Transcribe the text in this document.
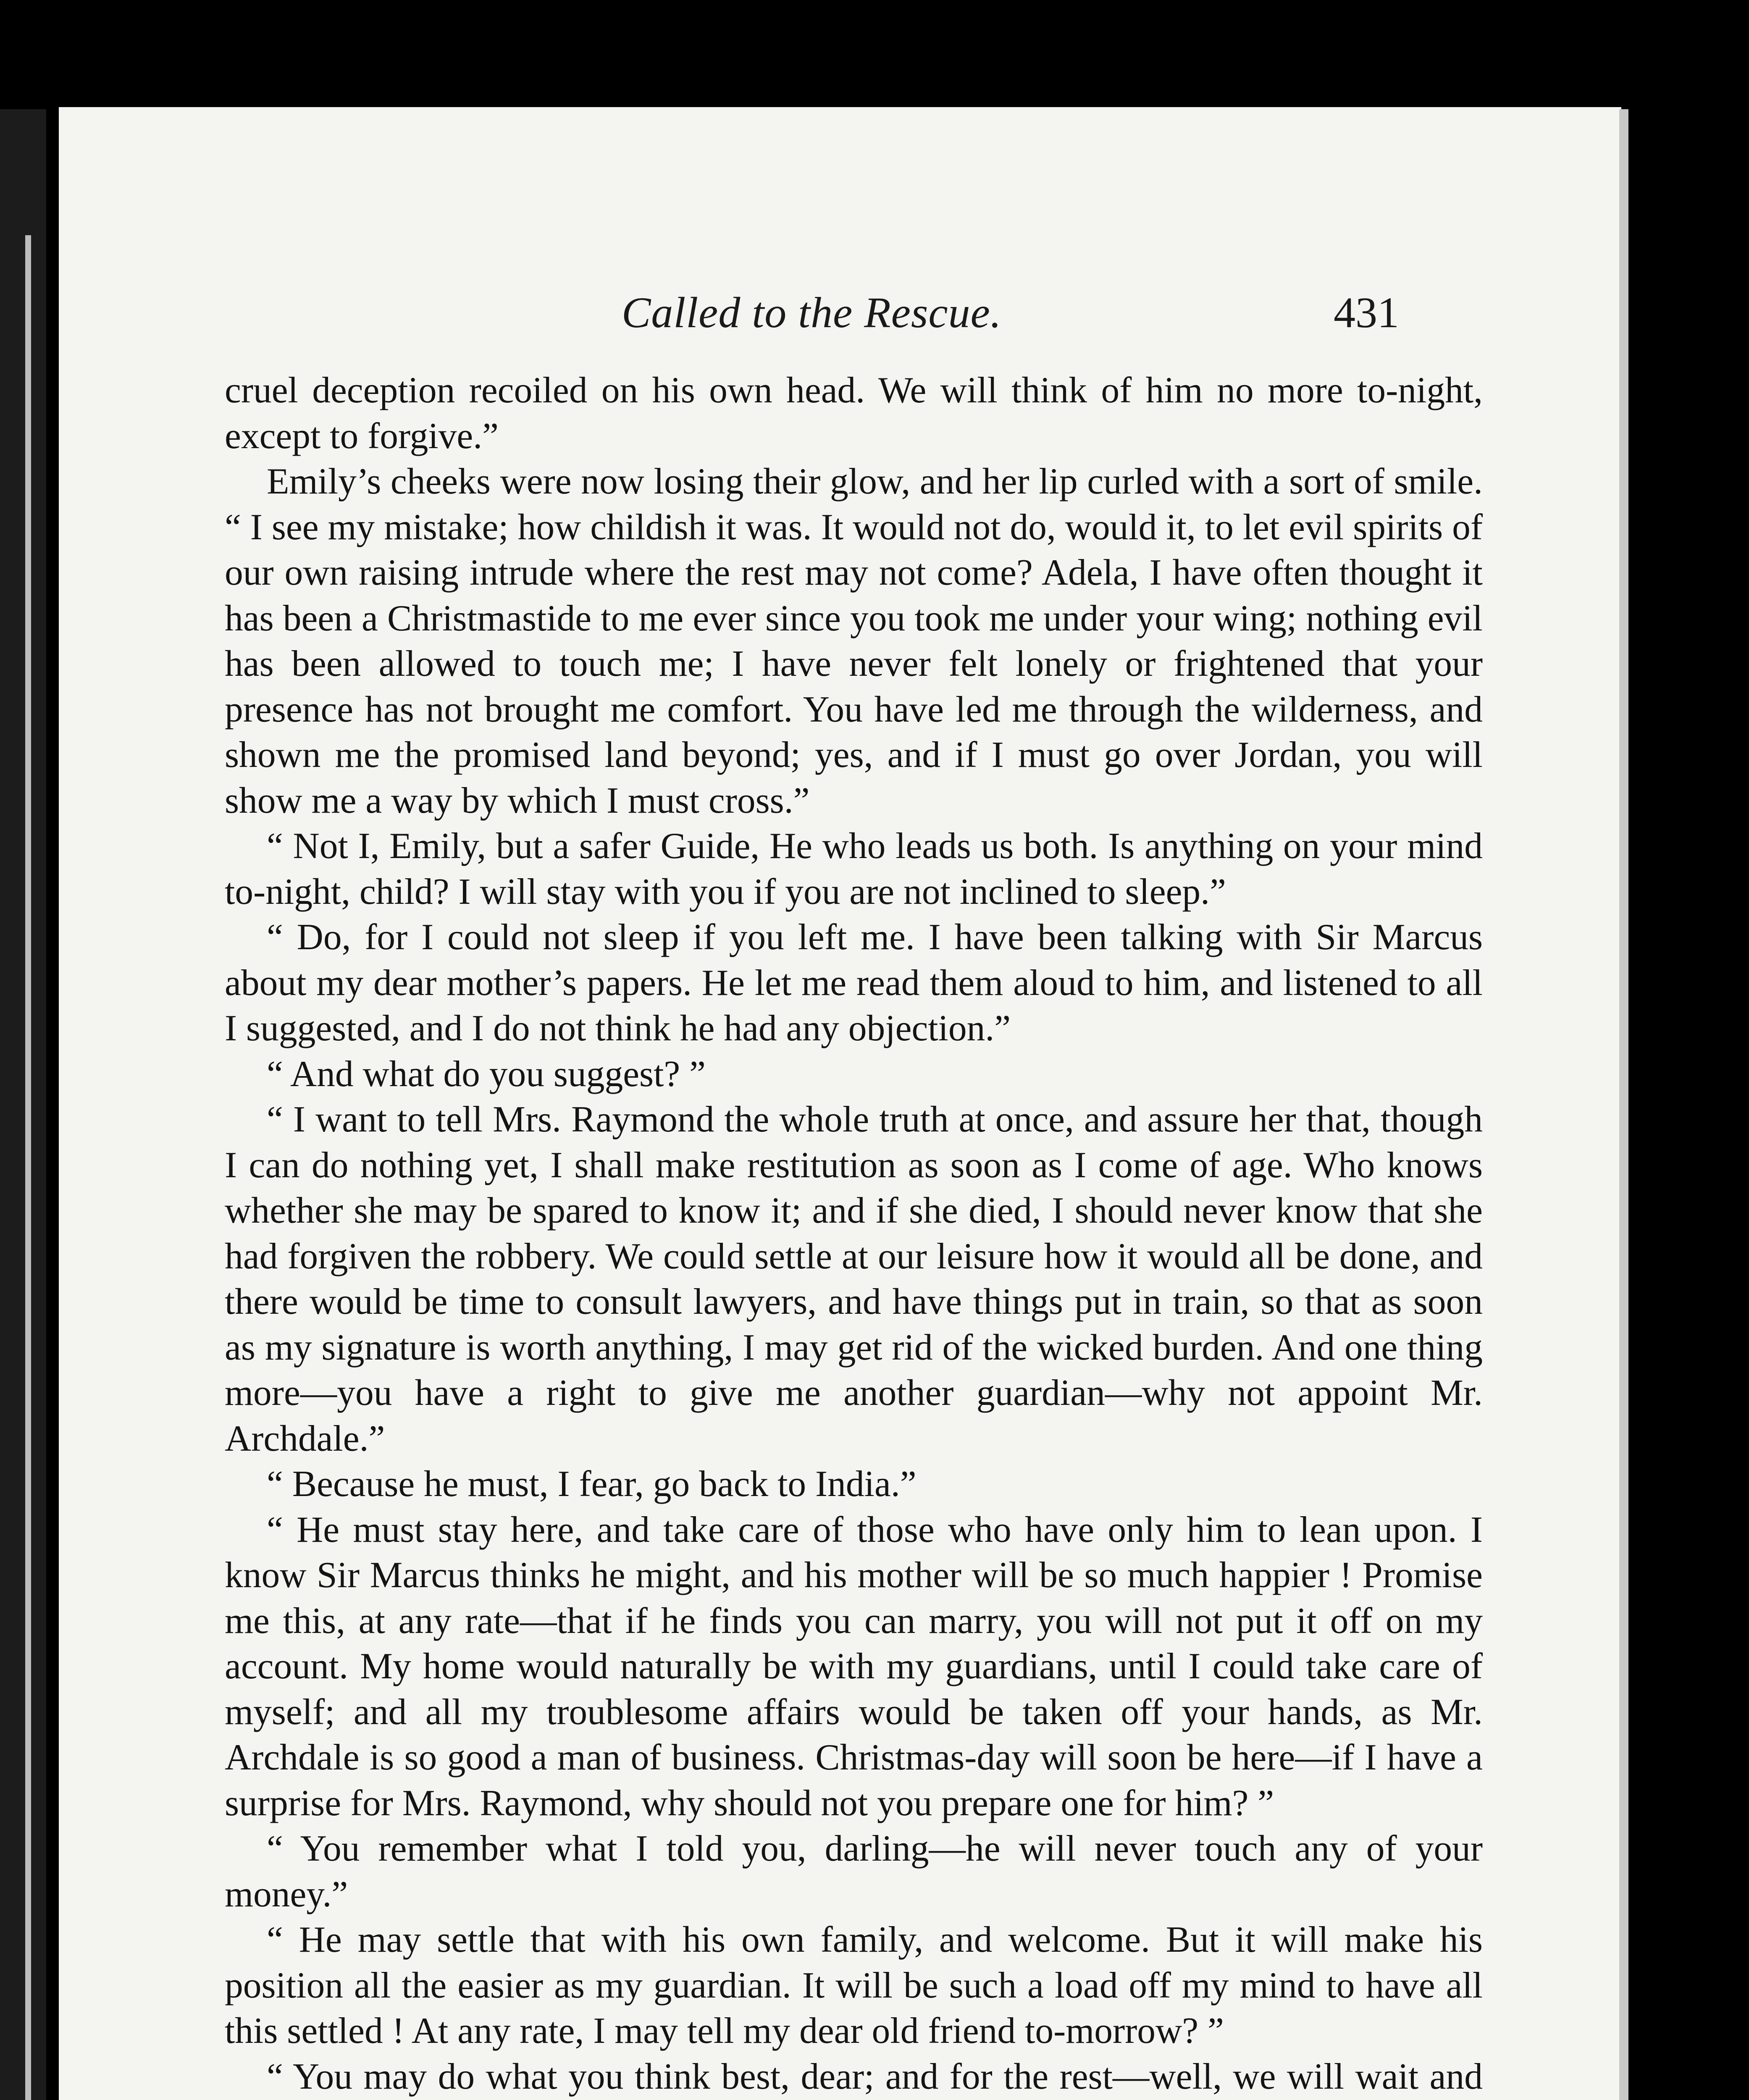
Called to the Rescue.	431

cruel deception recoiled on his own head. We will think of him no more to-night, except to forgive.”

Emily’s cheeks were now losing their glow, and her lip curled with a sort of smile. “ I see my mistake; how childish it was. It would not do, would it, to let evil spirits of our own raising intrude where the rest may not come? Adela, I have often thought it has been a Christmastide to me ever since you took me under your wing; nothing evil has been allowed to touch me; I have never felt lonely or frightened that your presence has not brought me comfort. You have led me through the wilderness, and shown me the promised land beyond; yes, and if I must go over Jordan, you will show me a way by which I must cross.”

“ Not I, Emily, but a safer Guide, He who leads us both. Is anything on your mind to-night, child? I will stay with you if you are not inclined to sleep.”

“ Do, for I could not sleep if you left me. I have been talking with Sir Marcus about my dear mother’s papers. He let me read them aloud to him, and listened to all I suggested, and I do not think he had any objection.”

“ And what do you suggest? ”

“ I want to tell Mrs. Raymond the whole truth at once, and assure her that, though I can do nothing yet, I shall make restitution as soon as I come of age. Who knows whether she may be spared to know it; and if she died, I should never know that she had forgiven the robbery. We could settle at our leisure how it would all be done, and there would be time to consult lawyers, and have things put in train, so that as soon as my signature is worth anything, I may get rid of the wicked burden. And one thing more—you have a right to give me another guardian—why not appoint Mr. Archdale.”

“ Because he must, I fear, go back to India.”

“ He must stay here, and take care of those who have only him to lean upon. I know Sir Marcus thinks he might, and his mother will be so much happier ! Promise me this, at any rate—that if he finds you can marry, you will not put it off on my account. My home would naturally be with my guardians, until I could take care of myself; and all my troublesome affairs would be taken off your hands, as Mr. Archdale is so good a man of business. Christmas-day will soon be here—if I have a surprise for Mrs. Raymond, why should not you prepare one for him? ”

“ You remember what I told you, darling—he will never touch any of your money.”

“ He may settle that with his own family, and welcome. But it will make his position all the easier as my guardian. It will be such a load off my mind to have all this settled ! At any rate, I may tell my dear old friend to-morrow? ”

“ You may do what you think best, dear; and for the rest—well, we will wait and
